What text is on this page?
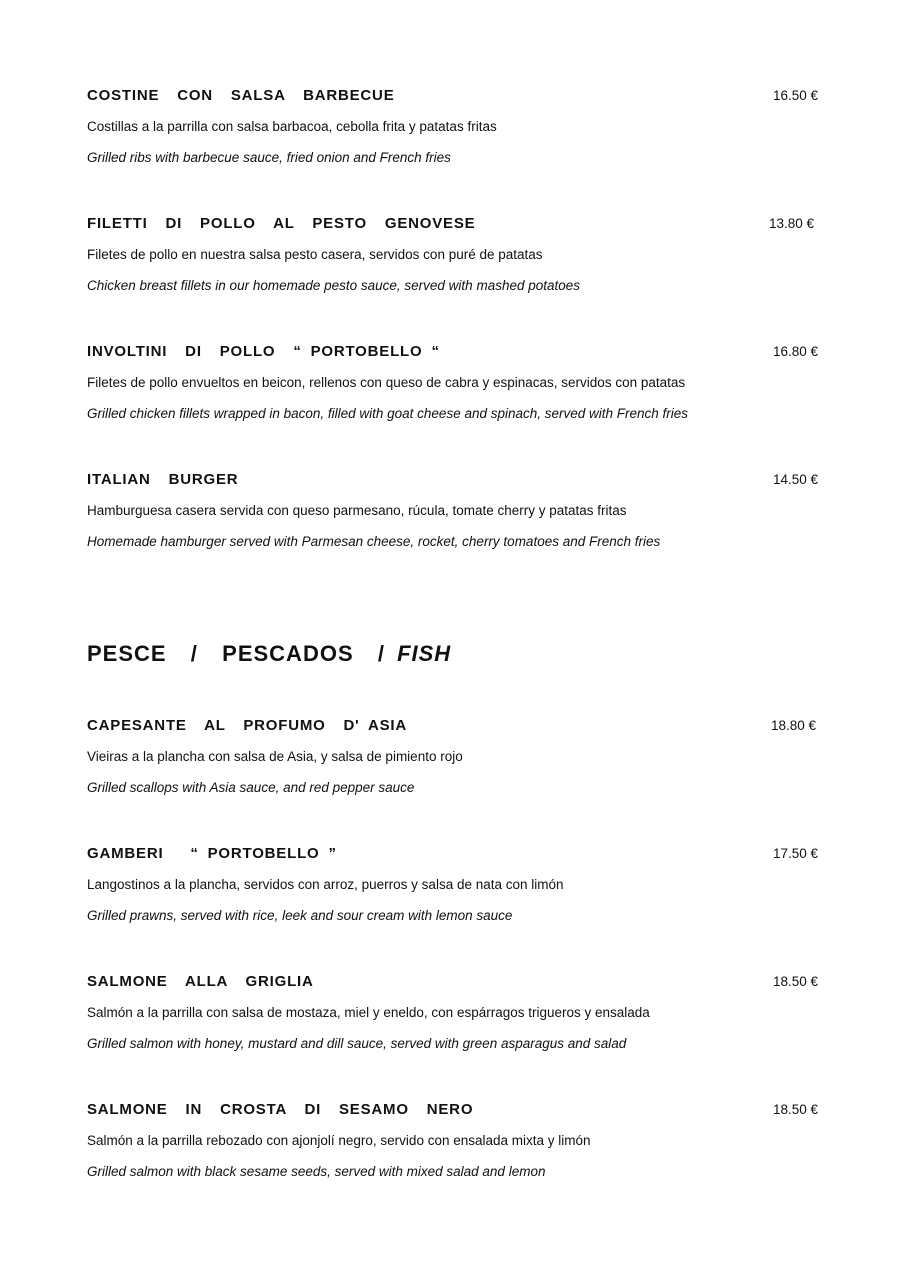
COSTINE  CON  SALSA  BARBECUE	16.50 €
Costillas a la parrilla con salsa barbacoa, cebolla frita y patatas fritas
Grilled ribs with barbecue sauce, fried onion and French fries
FILETTI  DI  POLLO  AL  PESTO  GENOVESE	13.80 €
Filetes de pollo en nuestra salsa pesto casera, servidos con puré de patatas
Chicken breast fillets in our homemade pesto sauce, served with mashed potatoes
INVOLTINI  DI  POLLO  “ PORTOBELLO “	16.80 €
Filetes de pollo envueltos en beicon, rellenos con queso de cabra y espinacas, servidos con patatas
Grilled chicken fillets wrapped in bacon, filled with goat cheese and spinach, served with French fries
ITALIAN  BURGER	14.50 €
Hamburguesa casera servida con queso parmesano, rúcula, tomate cherry y patatas fritas
Homemade hamburger served with Parmesan cheese, rocket, cherry tomatoes and French fries
PESCE  /  PESCADOS  / FISH
CAPESANTE  AL  PROFUMO  D' ASIA	18.80 €
Vieiras a la plancha con salsa de Asia, y salsa de pimiento rojo
Grilled scallops with Asia sauce, and red pepper sauce
GAMBERI   “ PORTOBELLO ”	17.50 €
Langostinos a la plancha, servidos con arroz, puerros y salsa de nata con limón
Grilled prawns, served with rice, leek and sour cream with lemon sauce
SALMONE  ALLA  GRIGLIA	18.50 €
Salmón a la parrilla con salsa de mostaza, miel y eneldo, con espárragos trigueros y ensalada
Grilled salmon with honey, mustard and dill sauce, served with green asparagus and salad
SALMONE  IN  CROSTA  DI  SESAMO  NERO	18.50 €
Salmón a la parrilla rebozado con ajonjolí negro, servido con ensalada mixta y limón
Grilled salmon with black sesame seeds, served with mixed salad and lemon
